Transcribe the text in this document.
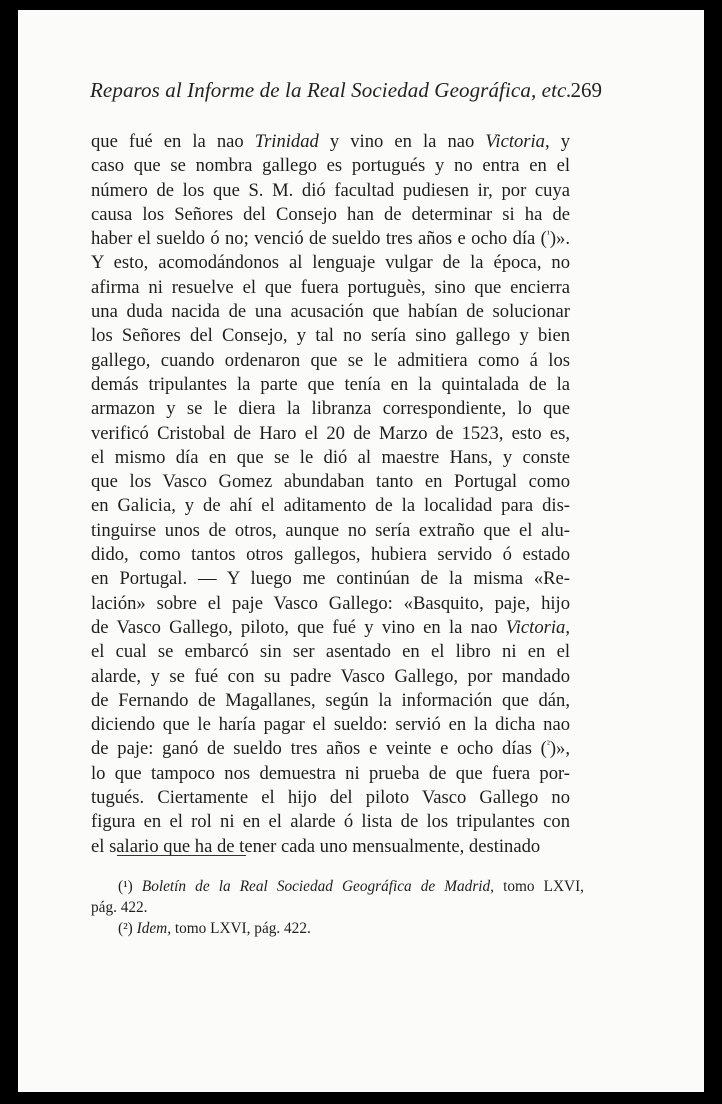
Reparos al Informe de la Real Sociedad Geográfica, etc.
269
que fué en la nao Trinidad y vino en la nao Victoria, y
caso que se nombra gallego es portugués y no entra en el
número de los que S. M. dió facultad pudiesen ir, por cuya
causa los Señores del Consejo han de determinar si ha de
haber el sueldo ó no; venció de sueldo tres años e ocho día ($^{^1}$)».
Y esto, acomodándonos al lenguaje vulgar de la época, no
afirma ni resuelve el que fuera portuguès, sino que encierra
una duda nacida de una acusación que habían de solucionar
los Señores del Consejo, y tal no sería sino gallego y bien
gallego, cuando ordenaron que se le admitiera como á los
demás tripulantes la parte que tenía en la quintalada de la
armazon y se le diera la libranza correspondiente, lo que
verificó Cristobal de Haro el 20 de Marzo de 1523, esto es,
el mismo día en que se le dió al maestre Hans, y conste
que los Vasco Gomez abundaban tanto en Portugal como
en Galicia, y de ahí el aditamento de la localidad para dis-
tinguirse unos de otros, aunque no sería extraño que el alu-
dido, como tantos otros gallegos, hubiera servido ó estado
en Portugal. — Y luego me continúan de la misma «Re-
lación» sobre el paje Vasco Gallego: «Basquito, paje, hijo
de Vasco Gallego, piloto, que fué y vino en la nao Victoria,
el cual se embarcó sin ser asentado en el libro ni en el
alarde, y se fué con su padre Vasco Gallego, por mandado
de Fernando de Magallanes, según la información que dán,
diciendo que le haría pagar el sueldo: servió en la dicha nao
de paje: ganó de sueldo tres años e veinte e ocho días ($^{^2}$)»,
lo que tampoco nos demuestra ni prueba de que fuera por-
tugués. Ciertamente el hijo del piloto Vasco Gallego no
figura en el rol ni en el alarde ó lista de los tripulantes con
el salario que ha de tener cada uno mensualmente, destinado
(¹) Boletín de la Real Sociedad Geográfica de Madrid, tomo LXVI,
pág. 422.
(²) Idem, tomo LXVI, pág. 422.
